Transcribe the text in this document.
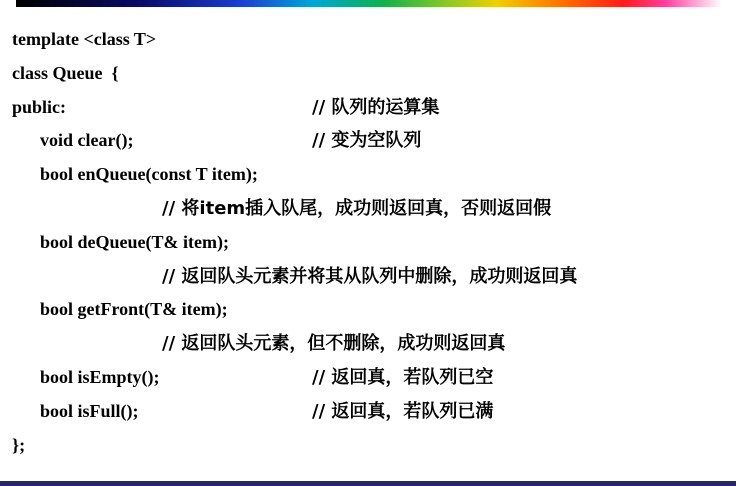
template <class T>

class Queue  {

public:

	// 队列的运算集

void clear();

	// 变为空队列

bool enQueue(const T item);

// 将item插入队尾，成功则返回真，否则返回假

bool deQueue(T& item);

// 返回队头元素并将其从队列中删除，成功则返回真

bool getFront(T& item);

// 返回队头元素，但不删除，成功则返回真

bool isEmpty();

	// 返回真，若队列已空

bool isFull();

	// 返回真，若队列已满

};
